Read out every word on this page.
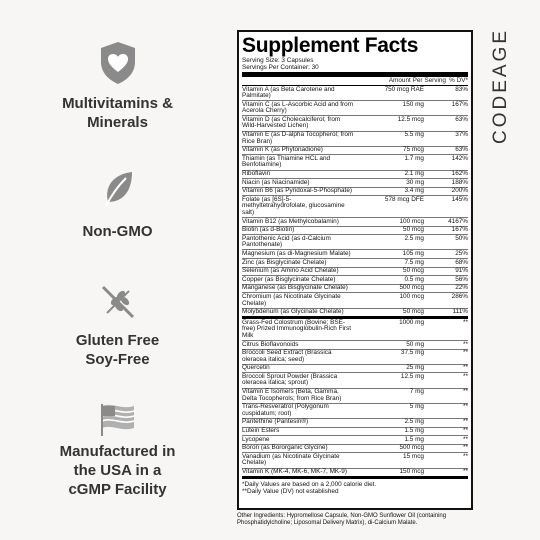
Multivitamins &
Minerals
Non-GMO
Gluten Free
Soy-Free
Manufactured in
the USA in a
cGMP Facility
Supplement Facts
Serving Size: 3 Capsules
Servings Per Container: 30
Amount Per Serving % DV*
Vitamin A (as Beta Carotene and Palmitate)
750 mcg RAE	83%
Vitamin C (as L-Ascorbic Acid and from Acerola Cherry)
150 mg	167%
Vitamin D (as Cholecalciferol; from Wild-Harvested Lichen)
12.5 mcg	63%
Vitamin E (as D-alpha Tocopherol; from Rice Bran)
5.5 mg	37%
Vitamin K (as Phytonadione)	75 mcg	63%
Thiamin (as Thiamine HCL and Benfotiamine)
1.7 mg	142%
Riboflavin	2.1 mg	162%
Niacin (as Niacinamide)	30 mg	188%
Vitamin B6 (as Pyridoxal-5-Phosphate)	3.4 mg	200%
Folate (as [6S]-5-methyltetrahydrofolate, glucosamine salt)
578 mcg DFE	145%
Vitamin B12 (as Methylcobalamin)	100 mcg	4167%
Biotin (as d-Biotin)	50 mcg	167%
Pantothenic Acid (as d-Calcium Pantothenate)
2.5 mg	50%
Magnesium (as di-Magnesium Malate)	105 mg	25%
Zinc (as Bisglycinate Chelate)	7.5 mg	68%
Selenium (as Amino Acid Chelate)	50 mcg	91%
Copper (as Bisglycinate Chelate)	0.5 mg	56%
Manganese (as Bisglycinate Chelate)	500 mcg	22%
Chromium (as Nicotinate Glycinate Chelate)
100 mcg	286%
Molybdenum (as Glycinate Chelate)	50 mcg	111%
Grass-Fed Colostrum (Bovine; BSE-free) Prized Immunoglobulin-Rich First Milk
1000 mg	**
Citrus Bioflavonoids	50 mg	**
Broccoli Seed Extract (Brassica oleracea italica; seed)
37.5 mg	**
Quercetin	25 mg	**
Broccoli Sprout Powder (Brassica oleracea italica; sprout)
12.5 mg	**
Vitamin E Isomers (Beta, Gamma, Delta Tocopherols; from Rice Bran)
7 mg	**
Trans-Resveratrol (Polygonum cuspidatum; root)
5 mg	**
Pantethine (Pantesin®)	2.5 mg	**
Lutein Esters	1.5 mg	**
Lycopene	1.5 mg	**
Boron (as Bororganic Glycine)	500 mcg	**
Vanadium (as Nicotinate Glycinate Chelate)
15 mcg	**
Vitamin K (MK-4, MK-6, MK-7, MK-9)	150 mcg	**
*Daily Values are based on a 2,000 calorie diet.
**Daily Value (DV) not established
Other Ingredients: Hypromellose Capsule, Non-GMO Sunflower Oil (containing Phosphatidylcholine; Liposomal Delivery Matrix), di-Calcium Malate.
CODEAGE
